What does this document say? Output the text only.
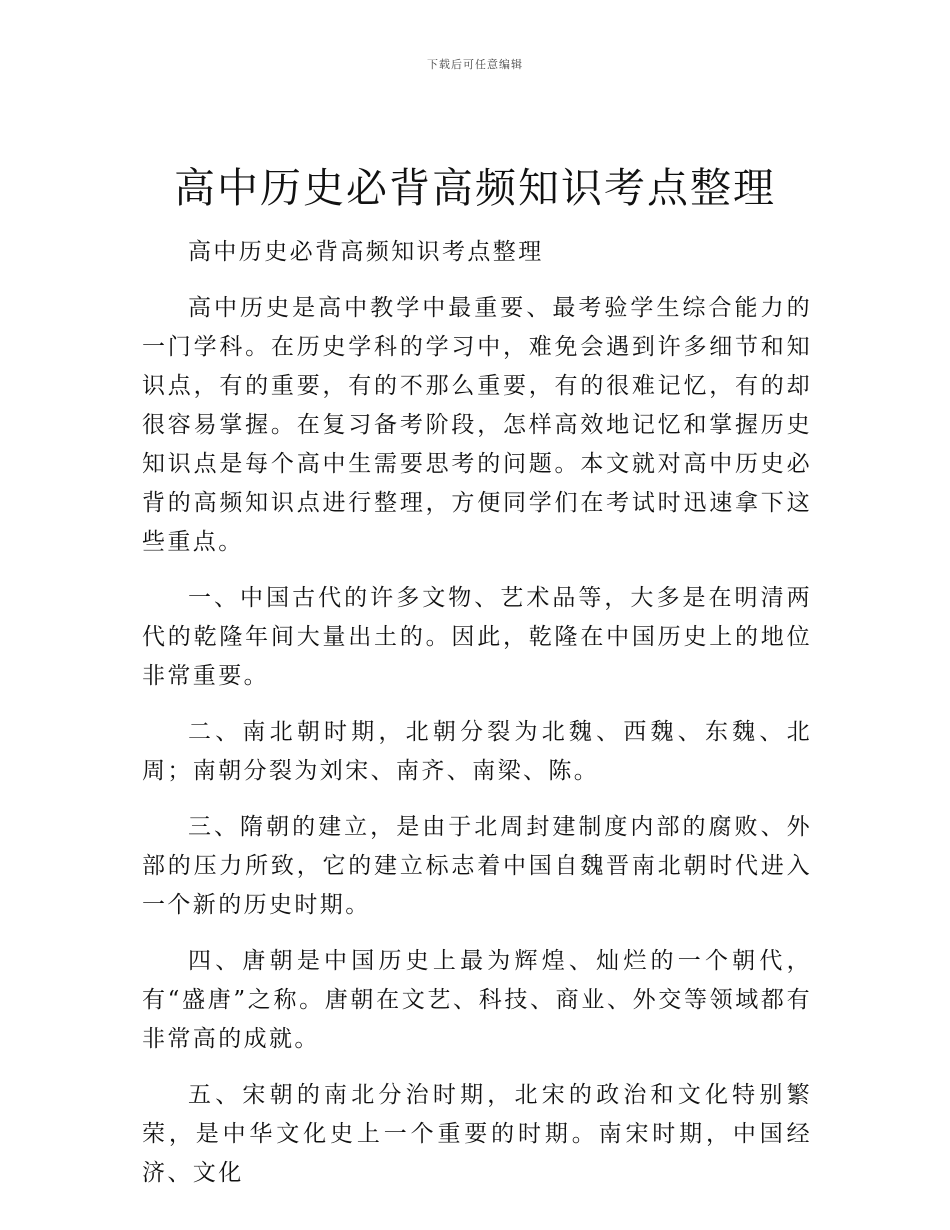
下载后可任意编辑
高中历史必背高频知识考点整理

高中历史必背高频知识考点整理

高中历史是高中教学中最重要、最考验学生综合能力的一门学科。在历史学科的学习中，难免会遇到许多细节和知识点，有的重要，有的不那么重要，有的很难记忆，有的却很容易掌握。在复习备考阶段，怎样高效地记忆和掌握历史知识点是每个高中生需要思考的问题。本文就对高中历史必背的高频知识点进行整理，方便同学们在考试时迅速拿下这些重点。

一、中国古代的许多文物、艺术品等，大多是在明清两代的乾隆年间大量出土的。因此，乾隆在中国历史上的地位非常重要。

二、南北朝时期，北朝分裂为北魏、西魏、东魏、北周；南朝分裂为刘宋、南齐、南梁、陈。

三、隋朝的建立，是由于北周封建制度内部的腐败、外部的压力所致，它的建立标志着中国自魏晋南北朝时代进入一个新的历史时期。

四、唐朝是中国历史上最为辉煌、灿烂的一个朝代，有“盛唐”之称。唐朝在文艺、科技、商业、外交等领域都有非常高的成就。

五、宋朝的南北分治时期，北宋的政治和文化特别繁荣，是中华文化史上一个重要的时期。南宋时期，中国经济、文化
